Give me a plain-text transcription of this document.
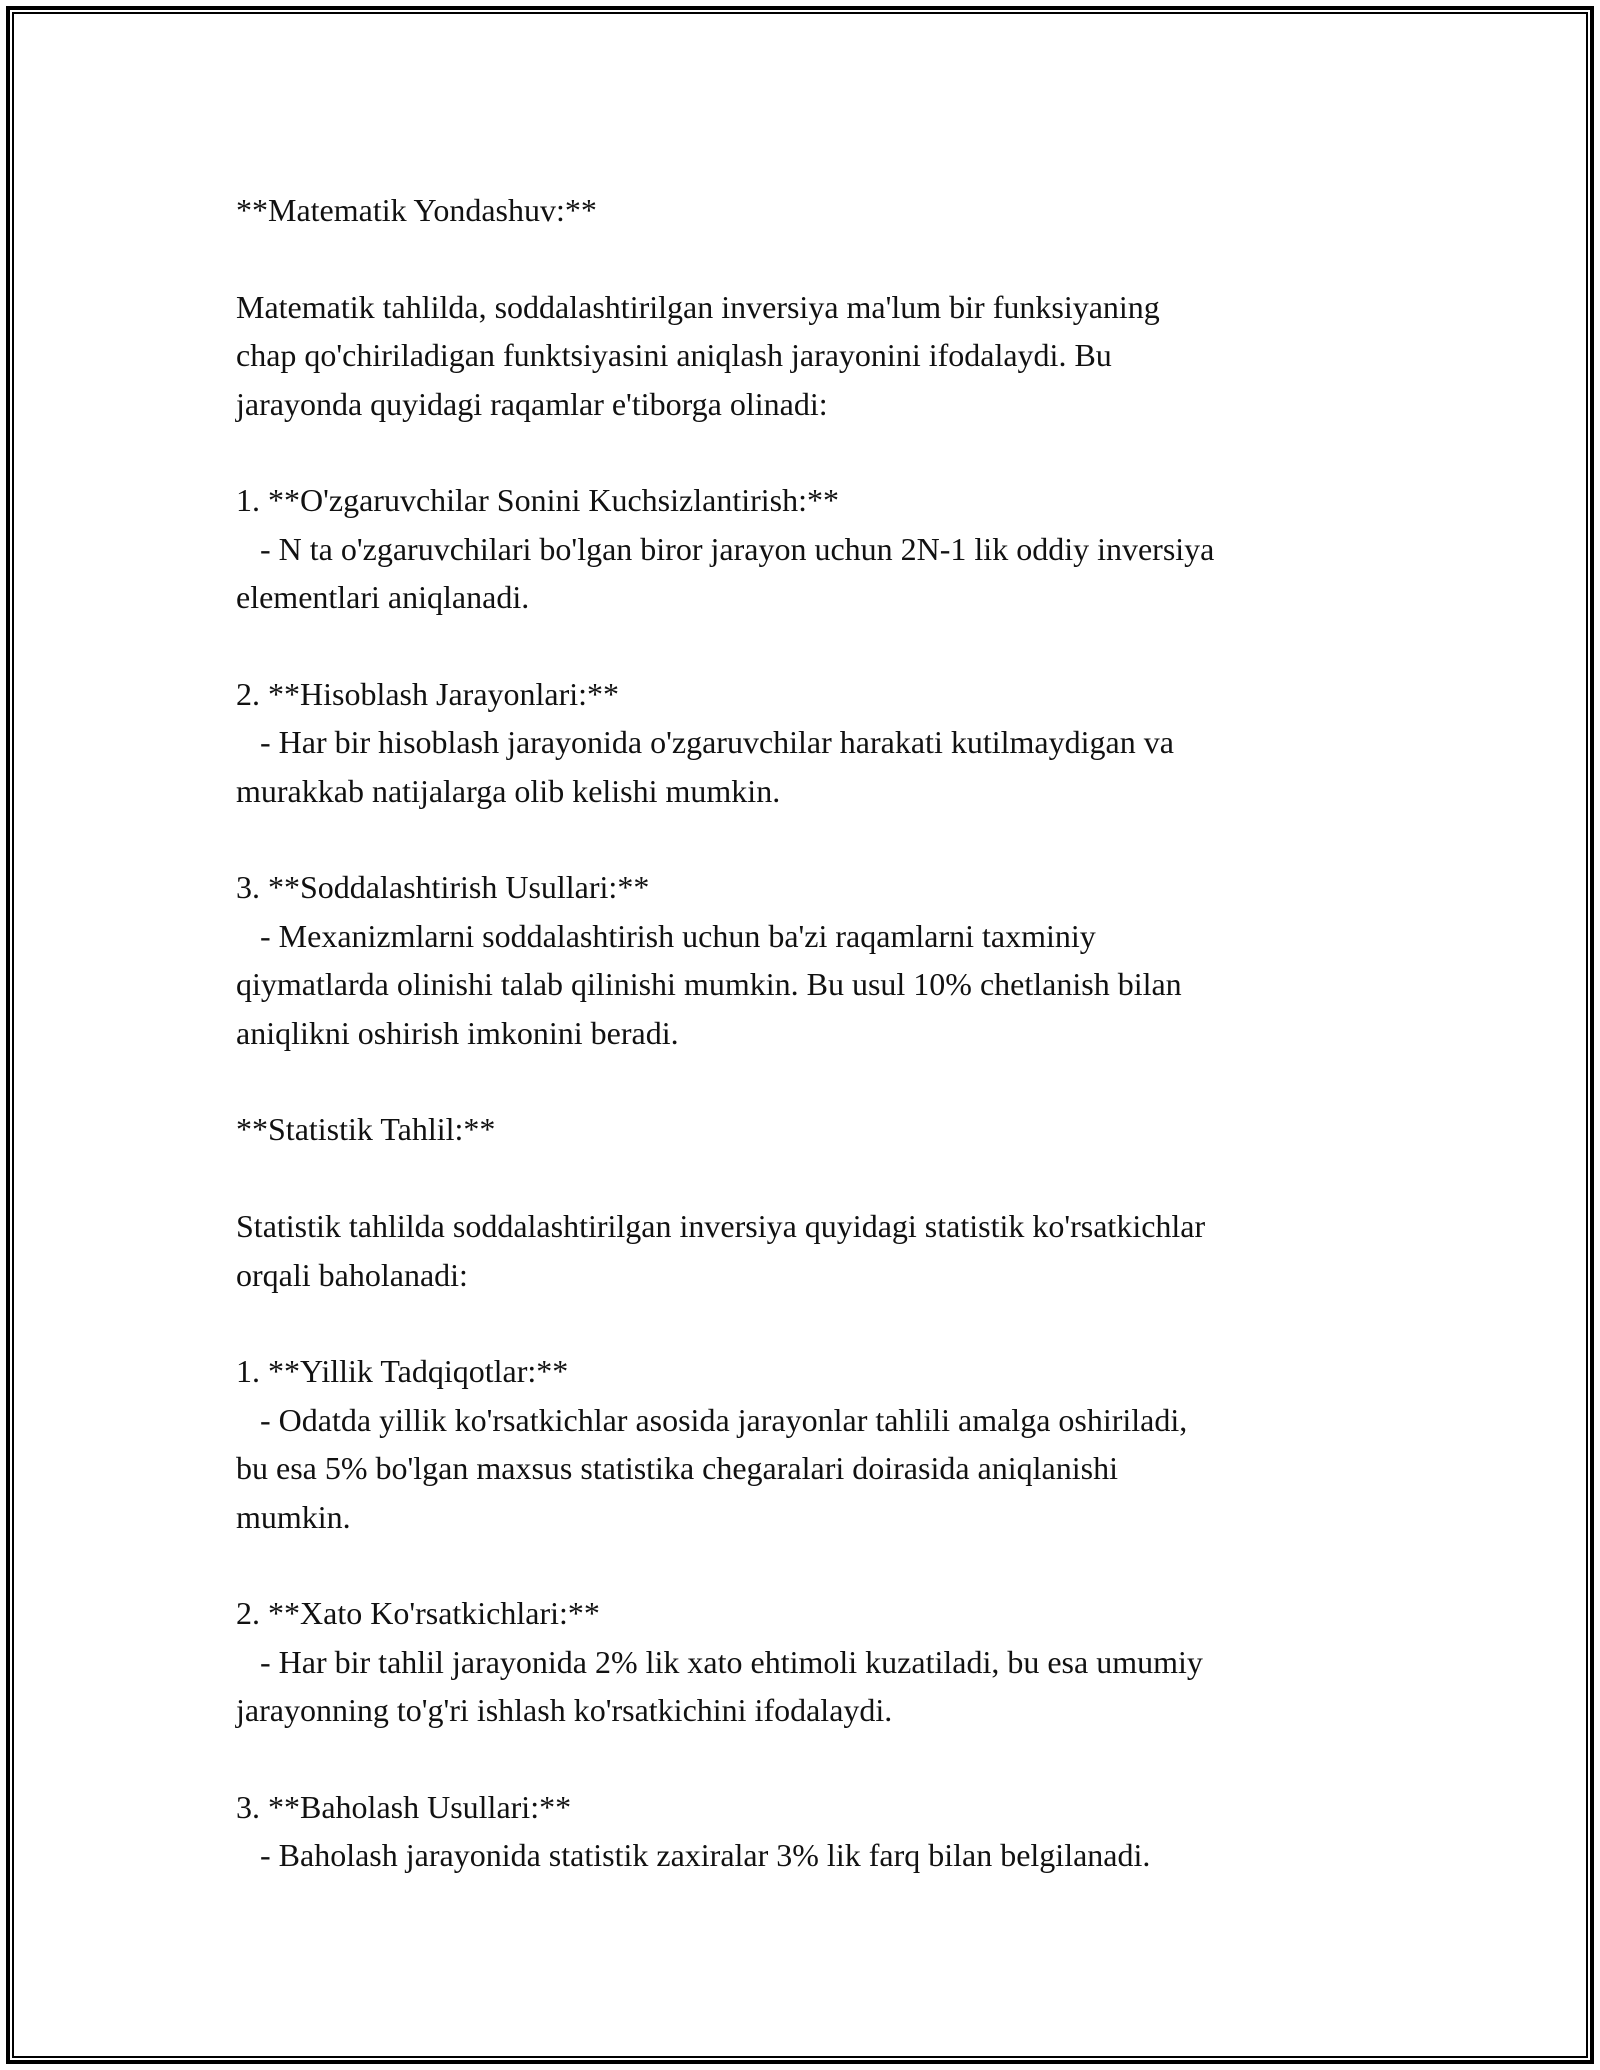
**Matematik Yondashuv:**
Matematik tahlilda, soddalashtirilgan inversiya ma'lum bir funksiyaning
chap qo'chiriladigan funktsiyasini aniqlash jarayonini ifodalaydi. Bu
jarayonda quyidagi raqamlar e'tiborga olinadi:
1. **O'zgaruvchilar Sonini Kuchsizlantirish:**
- N ta o'zgaruvchilari bo'lgan biror jarayon uchun 2N-1 lik oddiy inversiya
elementlari aniqlanadi.
2. **Hisoblash Jarayonlari:**
- Har bir hisoblash jarayonida o'zgaruvchilar harakati kutilmaydigan va
murakkab natijalarga olib kelishi mumkin.
3. **Soddalashtirish Usullari:**
- Mexanizmlarni soddalashtirish uchun ba'zi raqamlarni taxminiy
qiymatlarda olinishi talab qilinishi mumkin. Bu usul 10% chetlanish bilan
aniqlikni oshirish imkonini beradi.
**Statistik Tahlil:**
Statistik tahlilda soddalashtirilgan inversiya quyidagi statistik ko'rsatkichlar
orqali baholanadi:
1. **Yillik Tadqiqotlar:**
- Odatda yillik ko'rsatkichlar asosida jarayonlar tahlili amalga oshiriladi,
bu esa 5% bo'lgan maxsus statistika chegaralari doirasida aniqlanishi
mumkin.
2. **Xato Ko'rsatkichlari:**
- Har bir tahlil jarayonida 2% lik xato ehtimoli kuzatiladi, bu esa umumiy
jarayonning to'g'ri ishlash ko'rsatkichini ifodalaydi.
3. **Baholash Usullari:**
- Baholash jarayonida statistik zaxiralar 3% lik farq bilan belgilanadi.
